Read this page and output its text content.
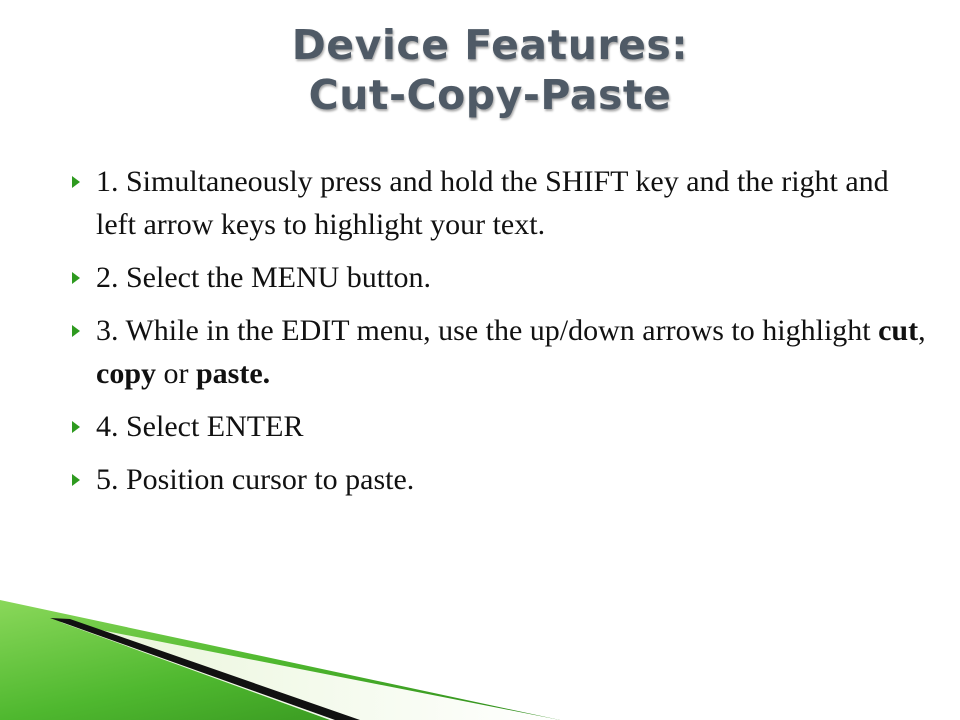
Device Features:
Cut-Copy-Paste
1. Simultaneously press and hold the SHIFT key and the right and left arrow keys to highlight your text.
2. Select the MENU button.
3. While in the EDIT menu, use the up/down arrows to highlight cut, copy or paste.
4. Select ENTER
5. Position cursor to paste.
